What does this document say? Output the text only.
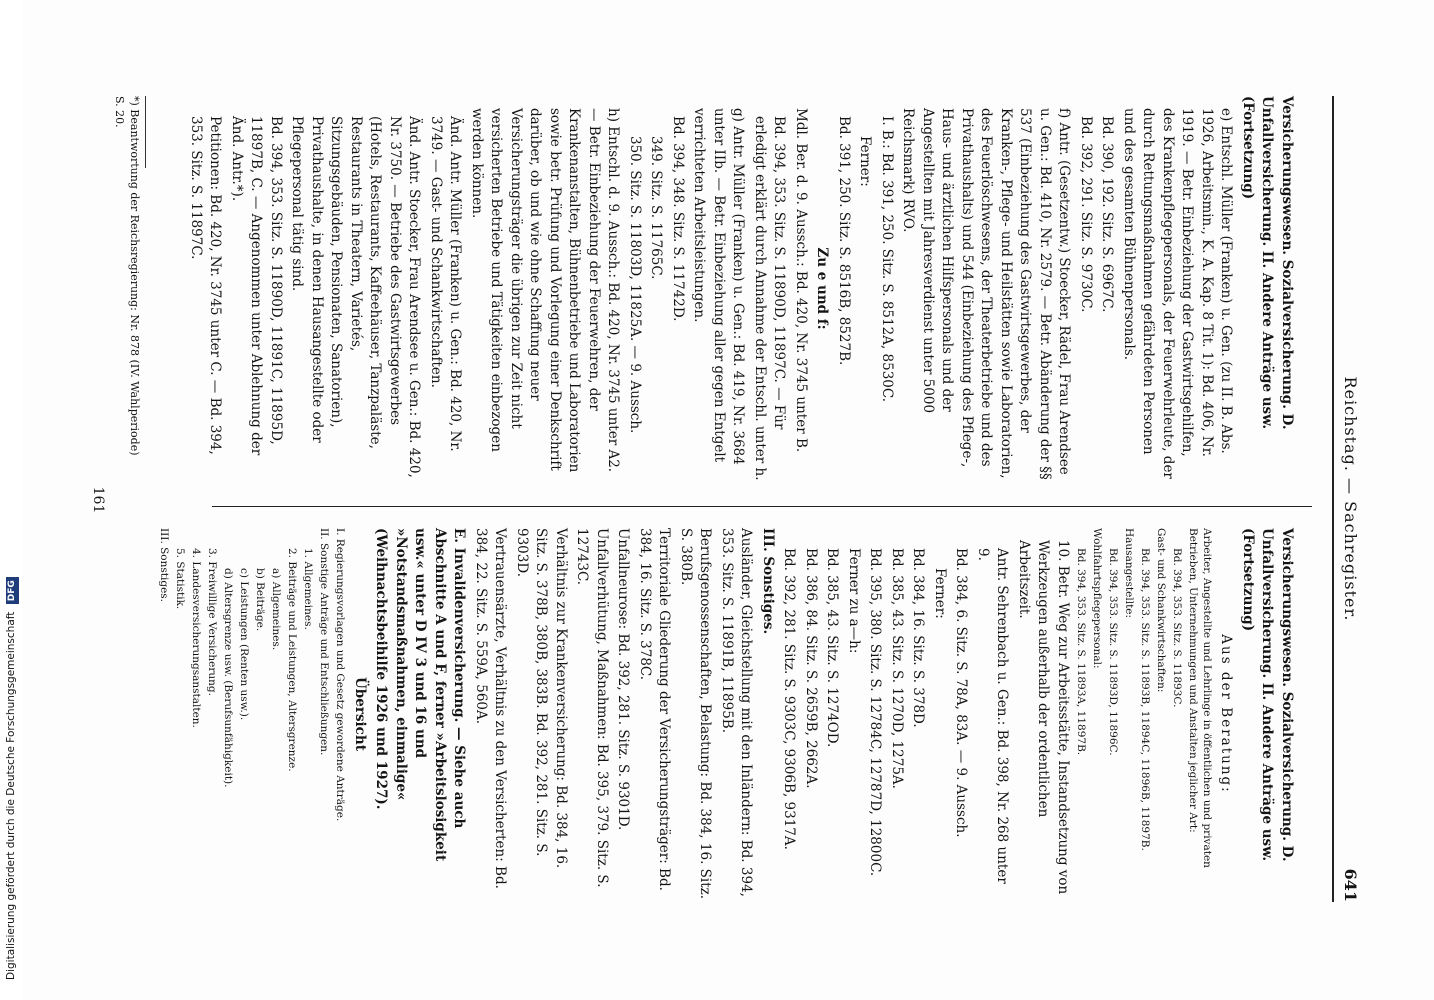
Reichstag. — Sachregister.
641

Versicherungswesen. Sozialversicherung. D. Unfallversicherung. II. Andere Anträge usw. (Fortsetzung)

e) Entschl. Müller (Franken) u. Gen. (zu II. B. Abs. 1926, Arbeitsmin., K. A. Kap. 8 Tit. 1): Bd. 406, Nr. 1919. — Betr. Einbeziehung der Gastwirtsgehilfen, des Krankenpflegepersonals, der Feuerwehrleute, der durch Rettungsmaßnahmen gefährdeten Personen und des gesamten Bühnenpersonals.

Bd. 390, 192. Sitz. S. 6967C.

Bd. 392, 291. Sitz. S. 9730C.

f) Antr. (Gesetzentw.) Stoecker, Rädel, Frau Arendsee u. Gen.: Bd. 410, Nr. 2579. — Betr. Abänderung der §§ 537 (Einbeziehung des Gastwirtsgewerbes, der Kranken-, Pflege- und Heilstätten sowie Laboratorien, des Feuerlöschwesens, der Theaterbetriebe und des Privathaushalts) und 544 (Einbeziehung des Pflege-, Haus- und ärztlichen Hilfspersonals und der Angestellten mit Jahresverdienst unter 5000 Reichsmark) RVO.

I. B.: Bd. 391, 250. Sitz. S. 8512A, 8530C.

Ferner:

Bd. 391, 250. Sitz. S. 8516B, 8527B.

Zu e und f:

Mdl. Ber. d. 9. Aussch.: Bd. 420, Nr. 3745 unter B.

Bd. 394, 353. Sitz. S. 11890D, 11897C. — Für erledigt erklärt durch Annahme der Entschl. unter h.

g) Antr. Müller (Franken) u. Gen.: Bd. 419, Nr. 3684 unter IIb. — Betr. Einbeziehung aller gegen Entgelt verrichteten Arbeitsleistungen.

Bd. 394, 348. Sitz. S. 11742D.

349. Sitz. S. 11765C.

350. Sitz. S. 11803D, 11825A. — 9. Aussch.

h) Entschl. d. 9. Aussch.: Bd. 420, Nr. 3745 unter A2. — Betr. Einbeziehung der Feuerwehren, der Krankenanstalten, Bühnenbetriebe und Laboratorien sowie betr. Prüfung und Vorlegung einer Denkschrift darüber, ob und wie ohne Schaffung neuer Versicherungsträger die übrigen zur Zeit nicht versicherten Betriebe und Tätigkeiten einbezogen werden können.

Änd. Antr. Müller (Franken) u. Gen.: Bd. 420, Nr. 3749. — Gast- und Schankwirtschaften.

Änd. Antr. Stoecker, Frau Arendsee u. Gen.: Bd. 420, Nr. 3750. — Betriebe des Gastwirtsgewerbes (Hotels, Restaurants, Kaffeehäuser, Tanzpaläste, Restaurants in Theatern, Varietés, Sitzungsgebäuden, Pensionaten, Sanatorien), Privathaushalte, in denen Hausangestellte oder Pflegepersonal tätig sind.

Bd. 394, 353. Sitz. S. 11890D, 11891C, 11895D, 11897B, C. — Angenommen unter Ablehnung der Änd. Antr.*).

Petitionen: Bd. 420, Nr. 3745 unter C. — Bd. 394, 353. Sitz. S. 11897C.

Versicherungswesen. Sozialversicherung. D. Unfallversicherung. II. Andere Anträge usw. (Fortsetzung)

Aus der Beratung:

Arbeiter, Angestellte und Lehrlinge in öffentlichen und privaten Betrieben, Unternehmungen und Anstalten jeglicher Art:

Bd. 394, 353. Sitz. S. 11893C.

Gast- und Schankwirtschaften:

Bd. 394, 353. Sitz. S. 11893B, 11894C, 11896B, 11897B.

Hausangestellte:

Bd. 394, 353. Sitz. S. 11893D, 11896C.

Wohlfahrtspflegepersonal:

Bd. 394, 353. Sitz. S. 11893A, 11897B.

10. Betr. Weg zur Arbeitsstätte, Instandsetzung von Werkzeugen außerhalb der ordentlichen Arbeitszeit.

Antr. Sehrenbach u. Gen.: Bd. 398, Nr. 268 unter 9.

Bd. 384, 6. Sitz. S. 78A, 83A. — 9. Aussch.

Ferner:

Bd. 384, 16. Sitz. S. 378D.

Bd. 385, 43. Sitz. S. 1270D, 1275A.

Bd. 395, 380. Sitz. S. 12784C, 12787D, 12800C.

Ferner zu a—h:

Bd. 385, 43. Sitz. S. 1274OD.

Bd. 386, 84. Sitz. S. 2659B, 2662A.

Bd. 392, 281. Sitz. S. 9303C, 9306B, 9317A.

III. Sonstiges.

Ausländer, Gleichstellung mit den Inländern: Bd. 394, 353. Sitz. S. 11891B, 11895B.

Berufsgenossenschaften, Belastung: Bd. 384, 16. Sitz. S. 380B.

Territoriale Gliederung der Versicherungsträger: Bd. 384, 16. Sitz. S. 378C.

Unfallneurose: Bd. 392, 281. Sitz. S. 9301D.

Unfallverhütung, Maßnahmen: Bd. 395, 379. Sitz. S. 12743C.

Verhältnis zur Krankenversicherung: Bd. 384, 16. Sitz. S. 378B, 380B, 383B. Bd. 392, 281. Sitz. S. 9303D.

Vertrauensärzte, Verhältnis zu den Versicherten: Bd. 384, 22. Sitz. S. 559A, 560A.

E. Invalidenversicherung. — Siehe auch Abschnitte A und F, ferner »Arbeitslosigkeit usw.« unter D IV 3 und 16 und »Notstandsmaßnahmen, einmalige« (Weihnachtsbeihilfe 1926 und 1927).

Übersicht

I. Regierungsvorlagen und Gesetz gewordene Anträge.

II. Sonstige Anträge und Entschließungen.

1. Allgemeines.

2. Beiträge und Leistungen, Altersgrenze.

a) Allgemeines.

b) Beiträge.

c) Leistungen (Renten usw.).

d) Altersgrenze usw. (Berufsunfähigkeit).

3. Freiwillige Versicherung.

4. Landesversicherungsanstalten.

5. Statistik.

III. Sonstiges.

*) Beantwortung der Reichsregierung: Nr. 878 (IV. Wahlperiode)
S. 20.
161
Digitalisierung gefördert durch die Deutsche Forschungsgemeinschaft DFG
